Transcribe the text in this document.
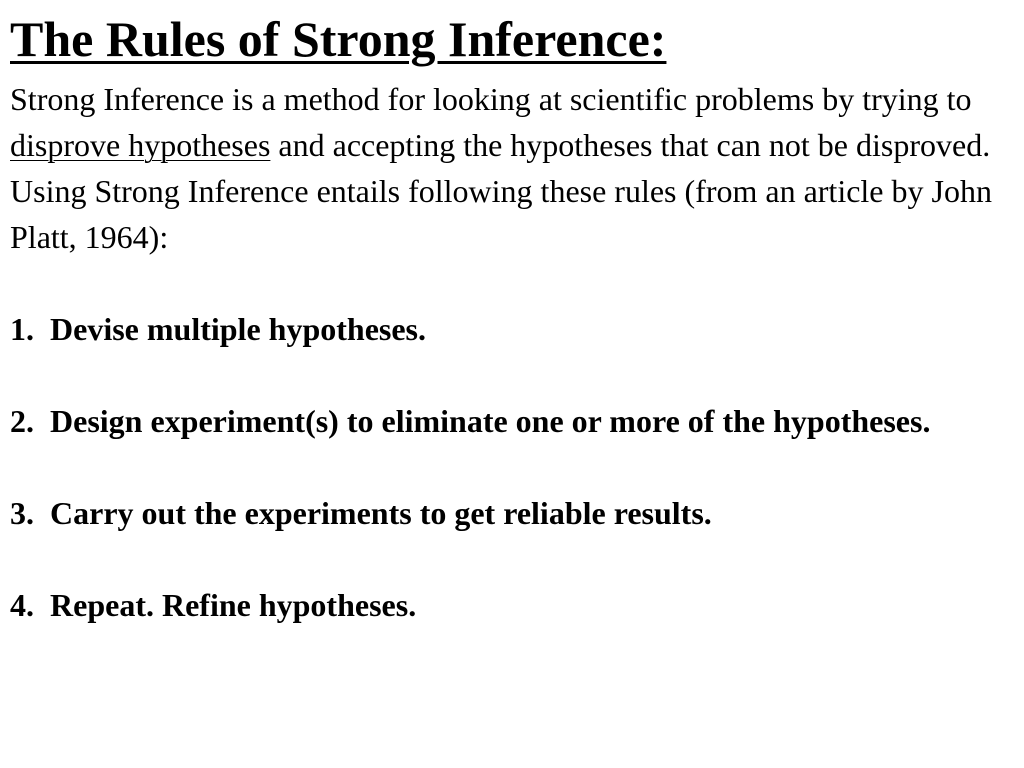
The Rules of Strong Inference:

Strong Inference is a method for looking at scientific problems by trying to disprove hypotheses and accepting the hypotheses that can not be disproved. Using Strong Inference entails following these rules (from an article by John Platt, 1964):

1. Devise multiple hypotheses.
2. Design experiment(s) to eliminate one or more of the hypotheses.
3. Carry out the experiments to get reliable results.
4. Repeat. Refine hypotheses.
